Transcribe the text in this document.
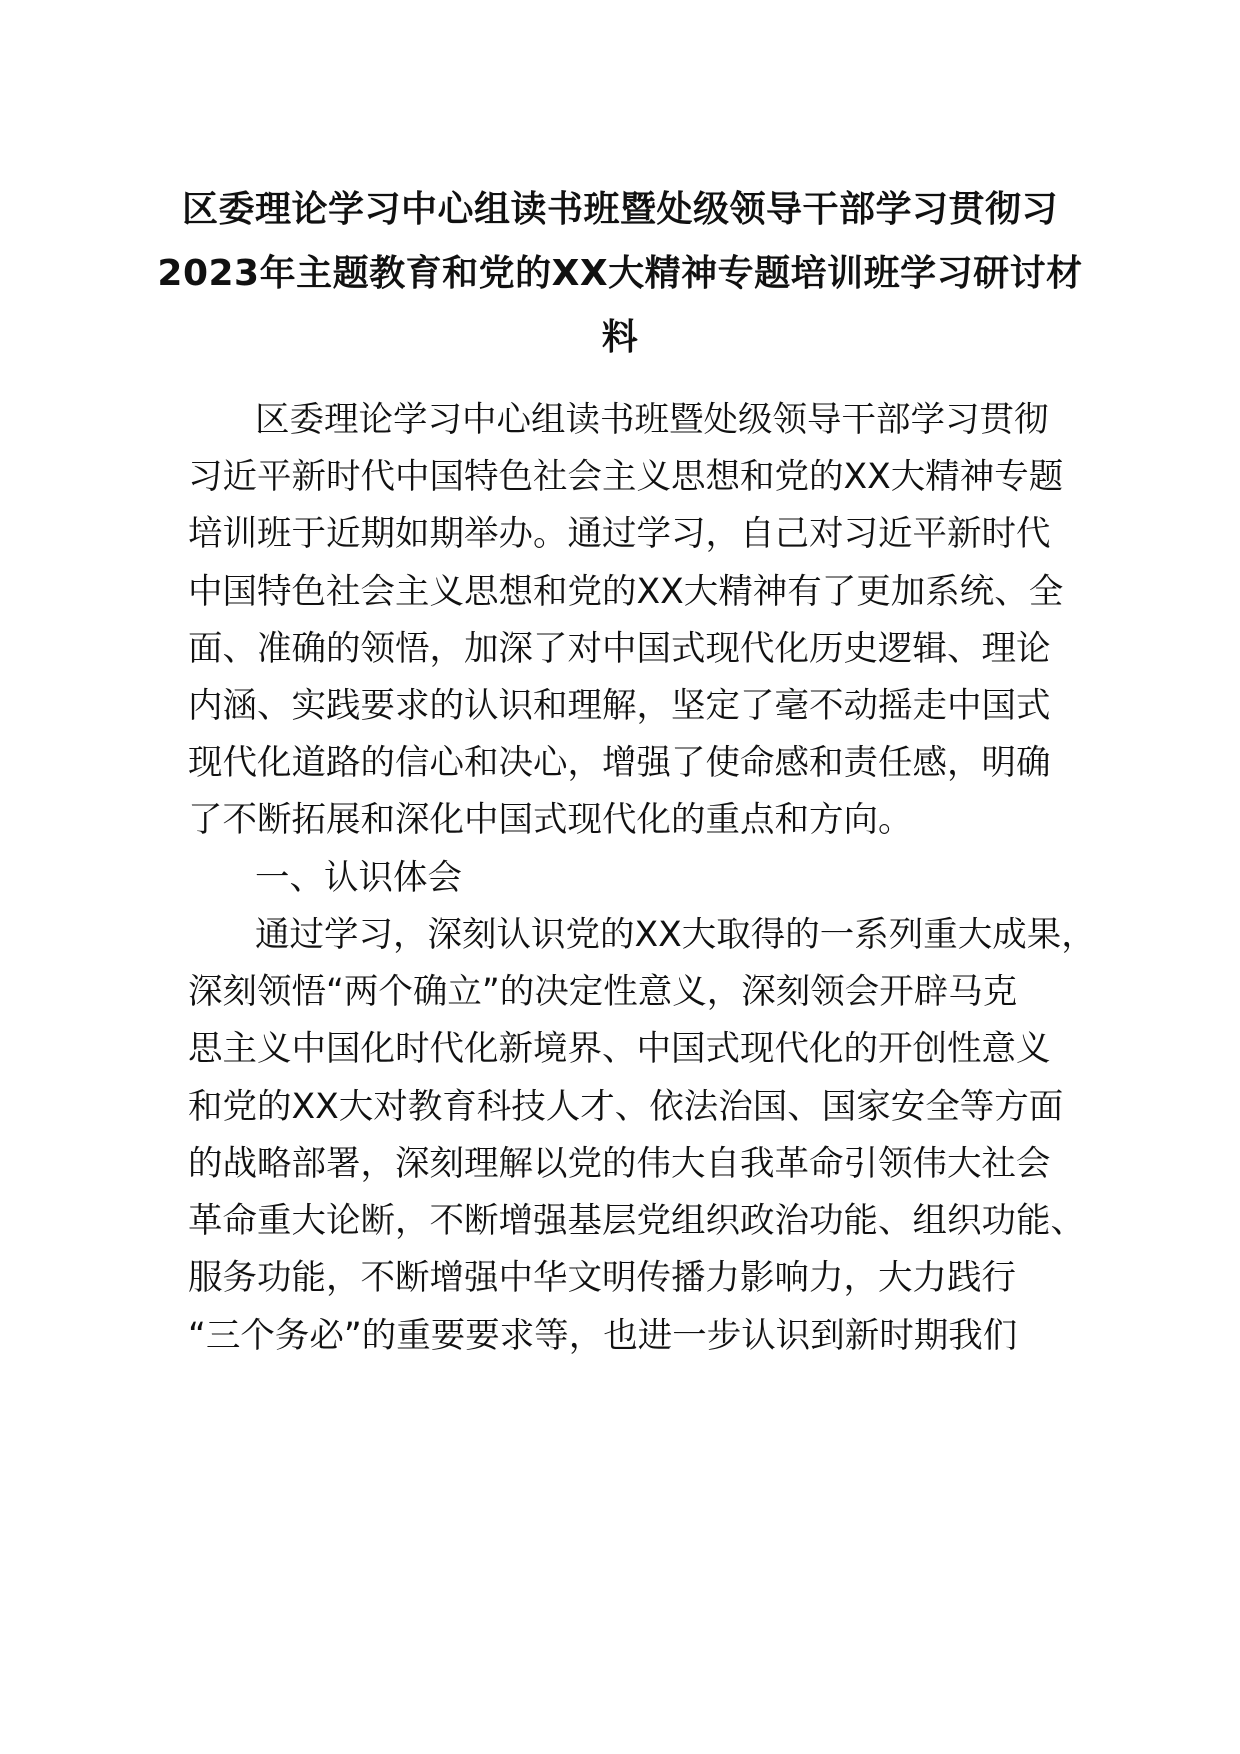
区委理论学习中心组读书班暨处级领导干部学习贯彻习
2023年主题教育和党的XX大精神专题培训班学习研讨材
料
区委理论学习中心组读书班暨处级领导干部学习贯彻
习近平新时代中国特色社会主义思想和党的XX大精神专题
培训班于近期如期举办。通过学习，自己对习近平新时代
中国特色社会主义思想和党的XX大精神有了更加系统、全
面、准确的领悟，加深了对中国式现代化历史逻辑、理论
内涵、实践要求的认识和理解，坚定了毫不动摇走中国式
现代化道路的信心和决心，增强了使命感和责任感，明确
了不断拓展和深化中国式现代化的重点和方向。
一、认识体会
通过学习，深刻认识党的XX大取得的一系列重大成果，
深刻领悟“两个确立”的决定性意义，深刻领会开辟马克
思主义中国化时代化新境界、中国式现代化的开创性意义
和党的XX大对教育科技人才、依法治国、国家安全等方面
的战略部署，深刻理解以党的伟大自我革命引领伟大社会
革命重大论断，不断增强基层党组织政治功能、组织功能、
服务功能，不断增强中华文明传播力影响力，大力践行
“三个务必”的重要要求等，也进一步认识到新时期我们
